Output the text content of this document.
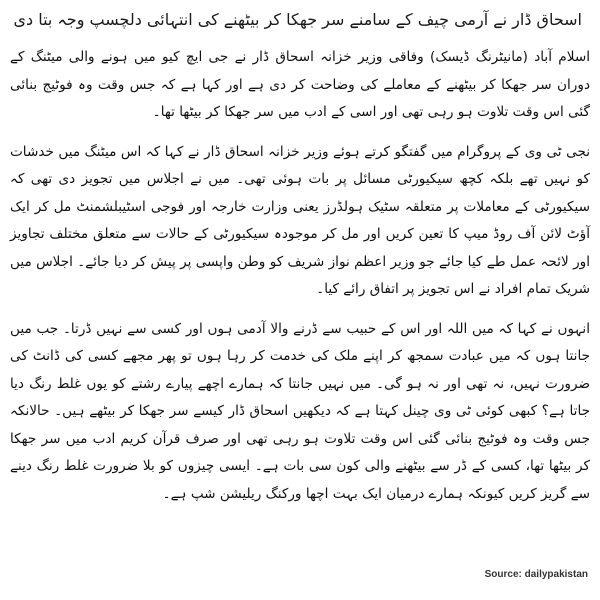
اسحاق ڈار نے آرمی چیف کے سامنے سر جھکا کر بیٹھنے کی انتہائی دلچسپ وجہ بتا دی

اسلام آباد (مانیٹرنگ ڈیسک) وفاقی وزیر خزانہ اسحاق ڈار نے جی ایچ کیو میں ہونے والی میٹنگ کے دوران سر جھکا کر بیٹھنے کے معاملے کی وضاحت کر دی ہے اور کہا ہے کہ جس وقت وہ فوٹیج بنائی گئی اس وقت تلاوت ہو رہی تھی اور اسی کے ادب میں سر جھکا کر بیٹھا تھا۔

نجی ٹی وی کے پروگرام میں گفتگو کرتے ہوئے وزیر خزانہ اسحاق ڈار نے کہا کہ اس میٹنگ میں خدشات کو نہیں تھے بلکہ کچھ سیکیورٹی مسائل پر بات ہوئی تھی۔ میں نے اجلاس میں تجویز دی تھی کہ سیکیورٹی کے معاملات پر متعلقہ سٹیک ہولڈرز یعنی وزارت خارجہ اور فوجی اسٹیبلشمنٹ مل کر ایک آؤٹ لائن آف روڈ میپ کا تعین کریں اور مل کر موجودہ سیکیورٹی کے حالات سے متعلق مختلف تجاویز اور لائحہ عمل طے کیا جائے جو وزیر اعظم نواز شریف کو وطن واپسی پر پیش کر دیا جائے۔ اجلاس میں شریک تمام افراد نے اس تجویز پر اتفاق رائے کیا۔

انہوں نے کہا کہ میں اللہ اور اس کے حبیب سے ڈرنے والا آدمی ہوں اور کسی سے نہیں ڈرتا۔ جب میں جانتا ہوں کہ میں عبادت سمجھ کر اپنے ملک کی خدمت کر رہا ہوں تو پھر مجھے کسی کی ڈانٹ کی ضرورت نہیں، نہ تھی اور نہ ہو گی۔ میں نہیں جانتا کہ ہمارے اچھے پیارے رشتے کو یوں غلط رنگ دیا جاتا ہے؟ کبھی کوئی ٹی وی چینل کہتا ہے کہ دیکھیں اسحاق ڈار کیسے سر جھکا کر بیٹھے ہیں۔ حالانکہ جس وقت وہ فوٹیج بنائی گئی اس وقت تلاوت ہو رہی تھی اور صرف قرآن کریم ادب میں سر جھکا کر بیٹھا تھا، کسی کے ڈر سے بیٹھنے والی کون سی بات ہے۔ ایسی چیزوں کو بلا ضرورت غلط رنگ دینے سے گریز کریں کیونکہ ہمارے درمیان ایک بہت اچھا ورکنگ ریلیشن شپ ہے۔

Source: dailypakistan
